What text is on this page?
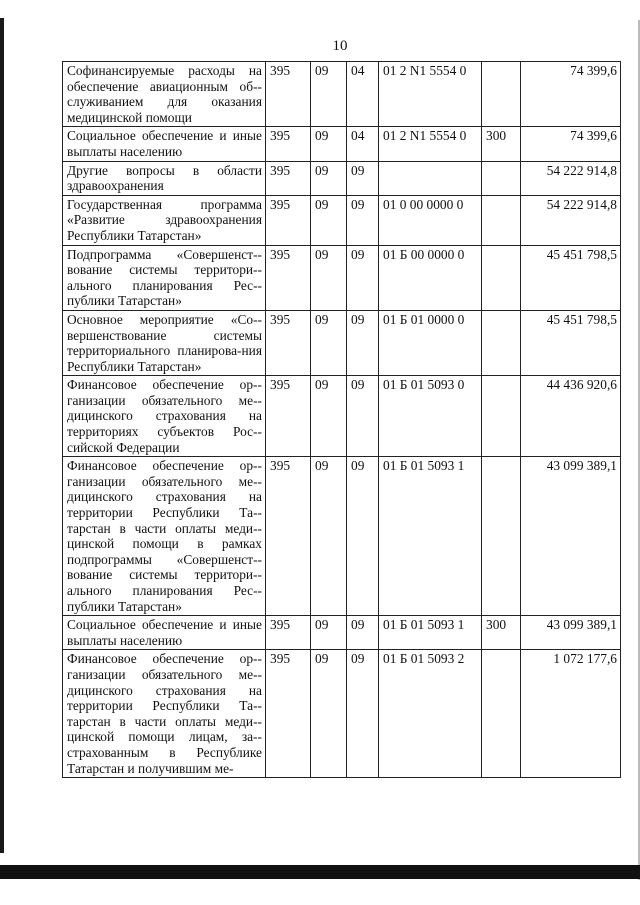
10
Софинансируемые расходы на обеспечение авиационным об-служиванием для оказания медицинской помощи	395	09	04	01 2 N1 5554 0		74 399,6
Социальное обеспечение и иные выплаты населению	395	09	04	01 2 N1 5554 0	300	74 399,6
Другие вопросы в области здравоохранения	395	09	09			54 222 914,8
Государственная программа «Развитие здравоохранения Республики Татарстан»	395	09	09	01 0 00 0000 0		54 222 914,8
Подпрограмма «Совершенст-вование системы территори-ального планирования Рес-публики Татарстан»	395	09	09	01 Б 00 0000 0		45 451 798,5
Основное мероприятие «Со-вершенствование системы территориального планирова-ния Республики Татарстан»	395	09	09	01 Б 01 0000 0		45 451 798,5
Финансовое обеспечение ор-ганизации обязательного ме-дицинского страхования на территориях субъектов Рос-сийской Федерации	395	09	09	01 Б 01 5093 0		44 436 920,6
Финансовое обеспечение ор-ганизации обязательного ме-дицинского страхования на территории Республики Та-тарстан в части оплаты меди-цинской помощи в рамках подпрограммы «Совершенст-вование системы территори-ального планирования Рес-публики Татарстан»	395	09	09	01 Б 01 5093 1		43 099 389,1
Социальное обеспечение и иные выплаты населению	395	09	09	01 Б 01 5093 1	300	43 099 389,1
Финансовое обеспечение ор-ганизации обязательного ме-дицинского страхования на территории Республики Та-тарстан в части оплаты меди-цинской помощи лицам, за-страхованным в Республике Татарстан и получившим ме-	395	09	09	01 Б 01 5093 2		1 072 177,6
